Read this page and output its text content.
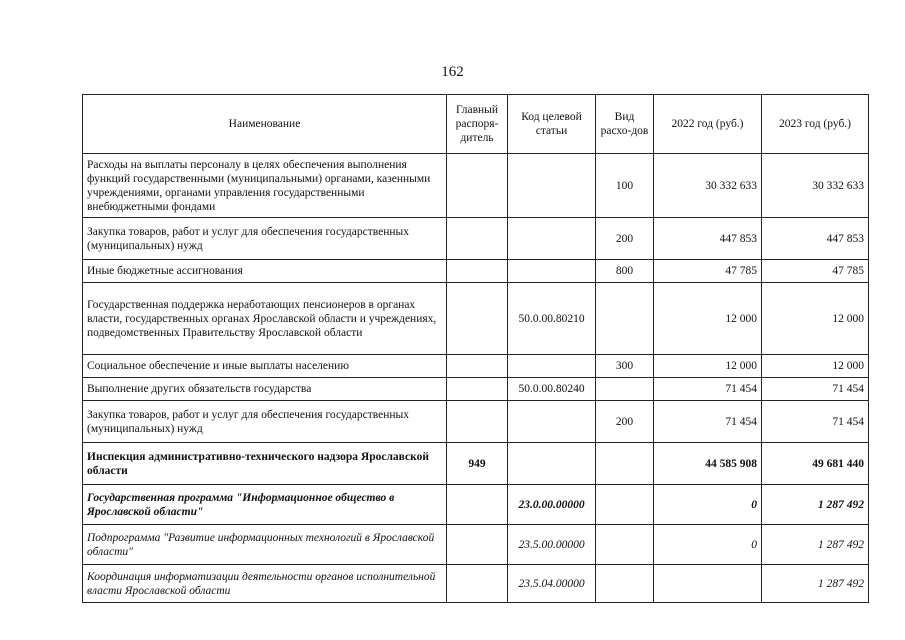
162
Наименование	Главный распоря-дитель	Код целевой статьи	Вид расхо-дов	2022 год (руб.)	2023 год (руб.)
Расходы на выплаты персоналу в целях обеспечения выполнения функций государственными (муниципальными) органами, казенными учреждениями, органами управления государственными внебюджетными фондами			100	30 332 633	30 332 633
Закупка товаров, работ и услуг для обеспечения государственных (муниципальных) нужд			200	447 853	447 853
Иные бюджетные ассигнования			800	47 785	47 785
Государственная поддержка неработающих пенсионеров в органах власти, государственных органах Ярославской области и учреждениях, подведомственных Правительству Ярославской области		50.0.00.80210		12 000	12 000
Социальное обеспечение и иные выплаты населению			300	12 000	12 000
Выполнение других обязательств государства		50.0.00.80240		71 454	71 454
Закупка товаров, работ и услуг для обеспечения государственных (муниципальных) нужд			200	71 454	71 454
Инспекция административно-технического надзора Ярославской области	949			44 585 908	49 681 440
Государственная программа "Информационное общество в Ярославской области"		23.0.00.00000		0	1 287 492
Подпрограмма "Развитие информационных технологий в Ярославской области"		23.5.00.00000		0	1 287 492
Координация информатизации деятельности органов исполнительной власти Ярославской области		23.5.04.00000			1 287 492
